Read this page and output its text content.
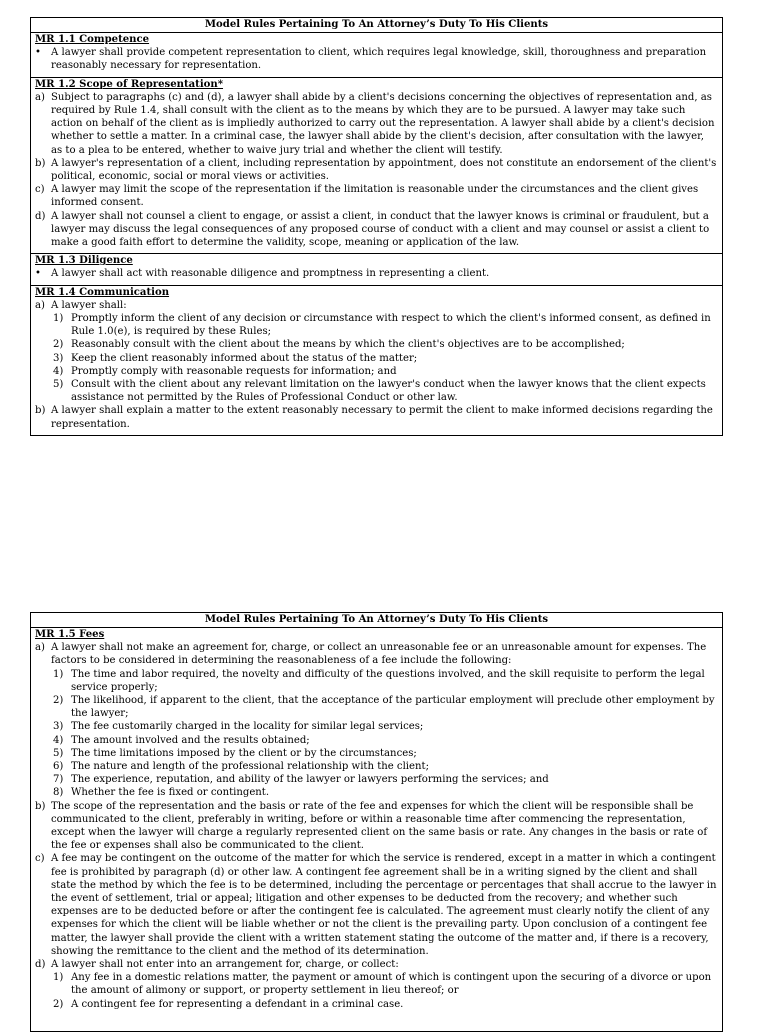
Model Rules Pertaining To An Attorney’s Duty To His Clients
MR 1.1 Competence
• A lawyer shall provide competent representation to client, which requires legal knowledge, skill, thoroughness and preparation reasonably necessary for representation.
MR 1.2 Scope of Representation*
a) Subject to paragraphs (c) and (d), a lawyer shall abide by a client's decisions concerning the objectives of representation and, as required by Rule 1.4, shall consult with the client as to the means by which they are to be pursued. A lawyer may take such action on behalf of the client as is impliedly authorized to carry out the representation. A lawyer shall abide by a client's decision whether to settle a matter. In a criminal case, the lawyer shall abide by the client's decision, after consultation with the lawyer, as to a plea to be entered, whether to waive jury trial and whether the client will testify.
b) A lawyer's representation of a client, including representation by appointment, does not constitute an endorsement of the client's political, economic, social or moral views or activities.
c) A lawyer may limit the scope of the representation if the limitation is reasonable under the circumstances and the client gives informed consent.
d) A lawyer shall not counsel a client to engage, or assist a client, in conduct that the lawyer knows is criminal or fraudulent, but a lawyer may discuss the legal consequences of any proposed course of conduct with a client and may counsel or assist a client to make a good faith effort to determine the validity, scope, meaning or application of the law.
MR 1.3 Diligence
• A lawyer shall act with reasonable diligence and promptness in representing a client.
MR 1.4 Communication
a) A lawyer shall:
1) Promptly inform the client of any decision or circumstance with respect to which the client's informed consent, as defined in Rule 1.0(e), is required by these Rules;
2) Reasonably consult with the client about the means by which the client's objectives are to be accomplished;
3) Keep the client reasonably informed about the status of the matter;
4) Promptly comply with reasonable requests for information; and
5) Consult with the client about any relevant limitation on the lawyer's conduct when the lawyer knows that the client expects assistance not permitted by the Rules of Professional Conduct or other law.
b) A lawyer shall explain a matter to the extent reasonably necessary to permit the client to make informed decisions regarding the representation.
Model Rules Pertaining To An Attorney’s Duty To His Clients
MR 1.5 Fees
a) A lawyer shall not make an agreement for, charge, or collect an unreasonable fee or an unreasonable amount for expenses. The factors to be considered in determining the reasonableness of a fee include the following:
1) The time and labor required, the novelty and difficulty of the questions involved, and the skill requisite to perform the legal service properly;
2) The likelihood, if apparent to the client, that the acceptance of the particular employment will preclude other employment by the lawyer;
3) The fee customarily charged in the locality for similar legal services;
4) The amount involved and the results obtained;
5) The time limitations imposed by the client or by the circumstances;
6) The nature and length of the professional relationship with the client;
7) The experience, reputation, and ability of the lawyer or lawyers performing the services; and
8) Whether the fee is fixed or contingent.
b) The scope of the representation and the basis or rate of the fee and expenses for which the client will be responsible shall be communicated to the client, preferably in writing, before or within a reasonable time after commencing the representation, except when the lawyer will charge a regularly represented client on the same basis or rate. Any changes in the basis or rate of the fee or expenses shall also be communicated to the client.
c) A fee may be contingent on the outcome of the matter for which the service is rendered, except in a matter in which a contingent fee is prohibited by paragraph (d) or other law. A contingent fee agreement shall be in a writing signed by the client and shall state the method by which the fee is to be determined, including the percentage or percentages that shall accrue to the lawyer in the event of settlement, trial or appeal; litigation and other expenses to be deducted from the recovery; and whether such expenses are to be deducted before or after the contingent fee is calculated. The agreement must clearly notify the client of any expenses for which the client will be liable whether or not the client is the prevailing party. Upon conclusion of a contingent fee matter, the lawyer shall provide the client with a written statement stating the outcome of the matter and, if there is a recovery, showing the remittance to the client and the method of its determination.
d) A lawyer shall not enter into an arrangement for, charge, or collect:
1) Any fee in a domestic relations matter, the payment or amount of which is contingent upon the securing of a divorce or upon the amount of alimony or support, or property settlement in lieu thereof; or
2) A contingent fee for representing a defendant in a criminal case.
